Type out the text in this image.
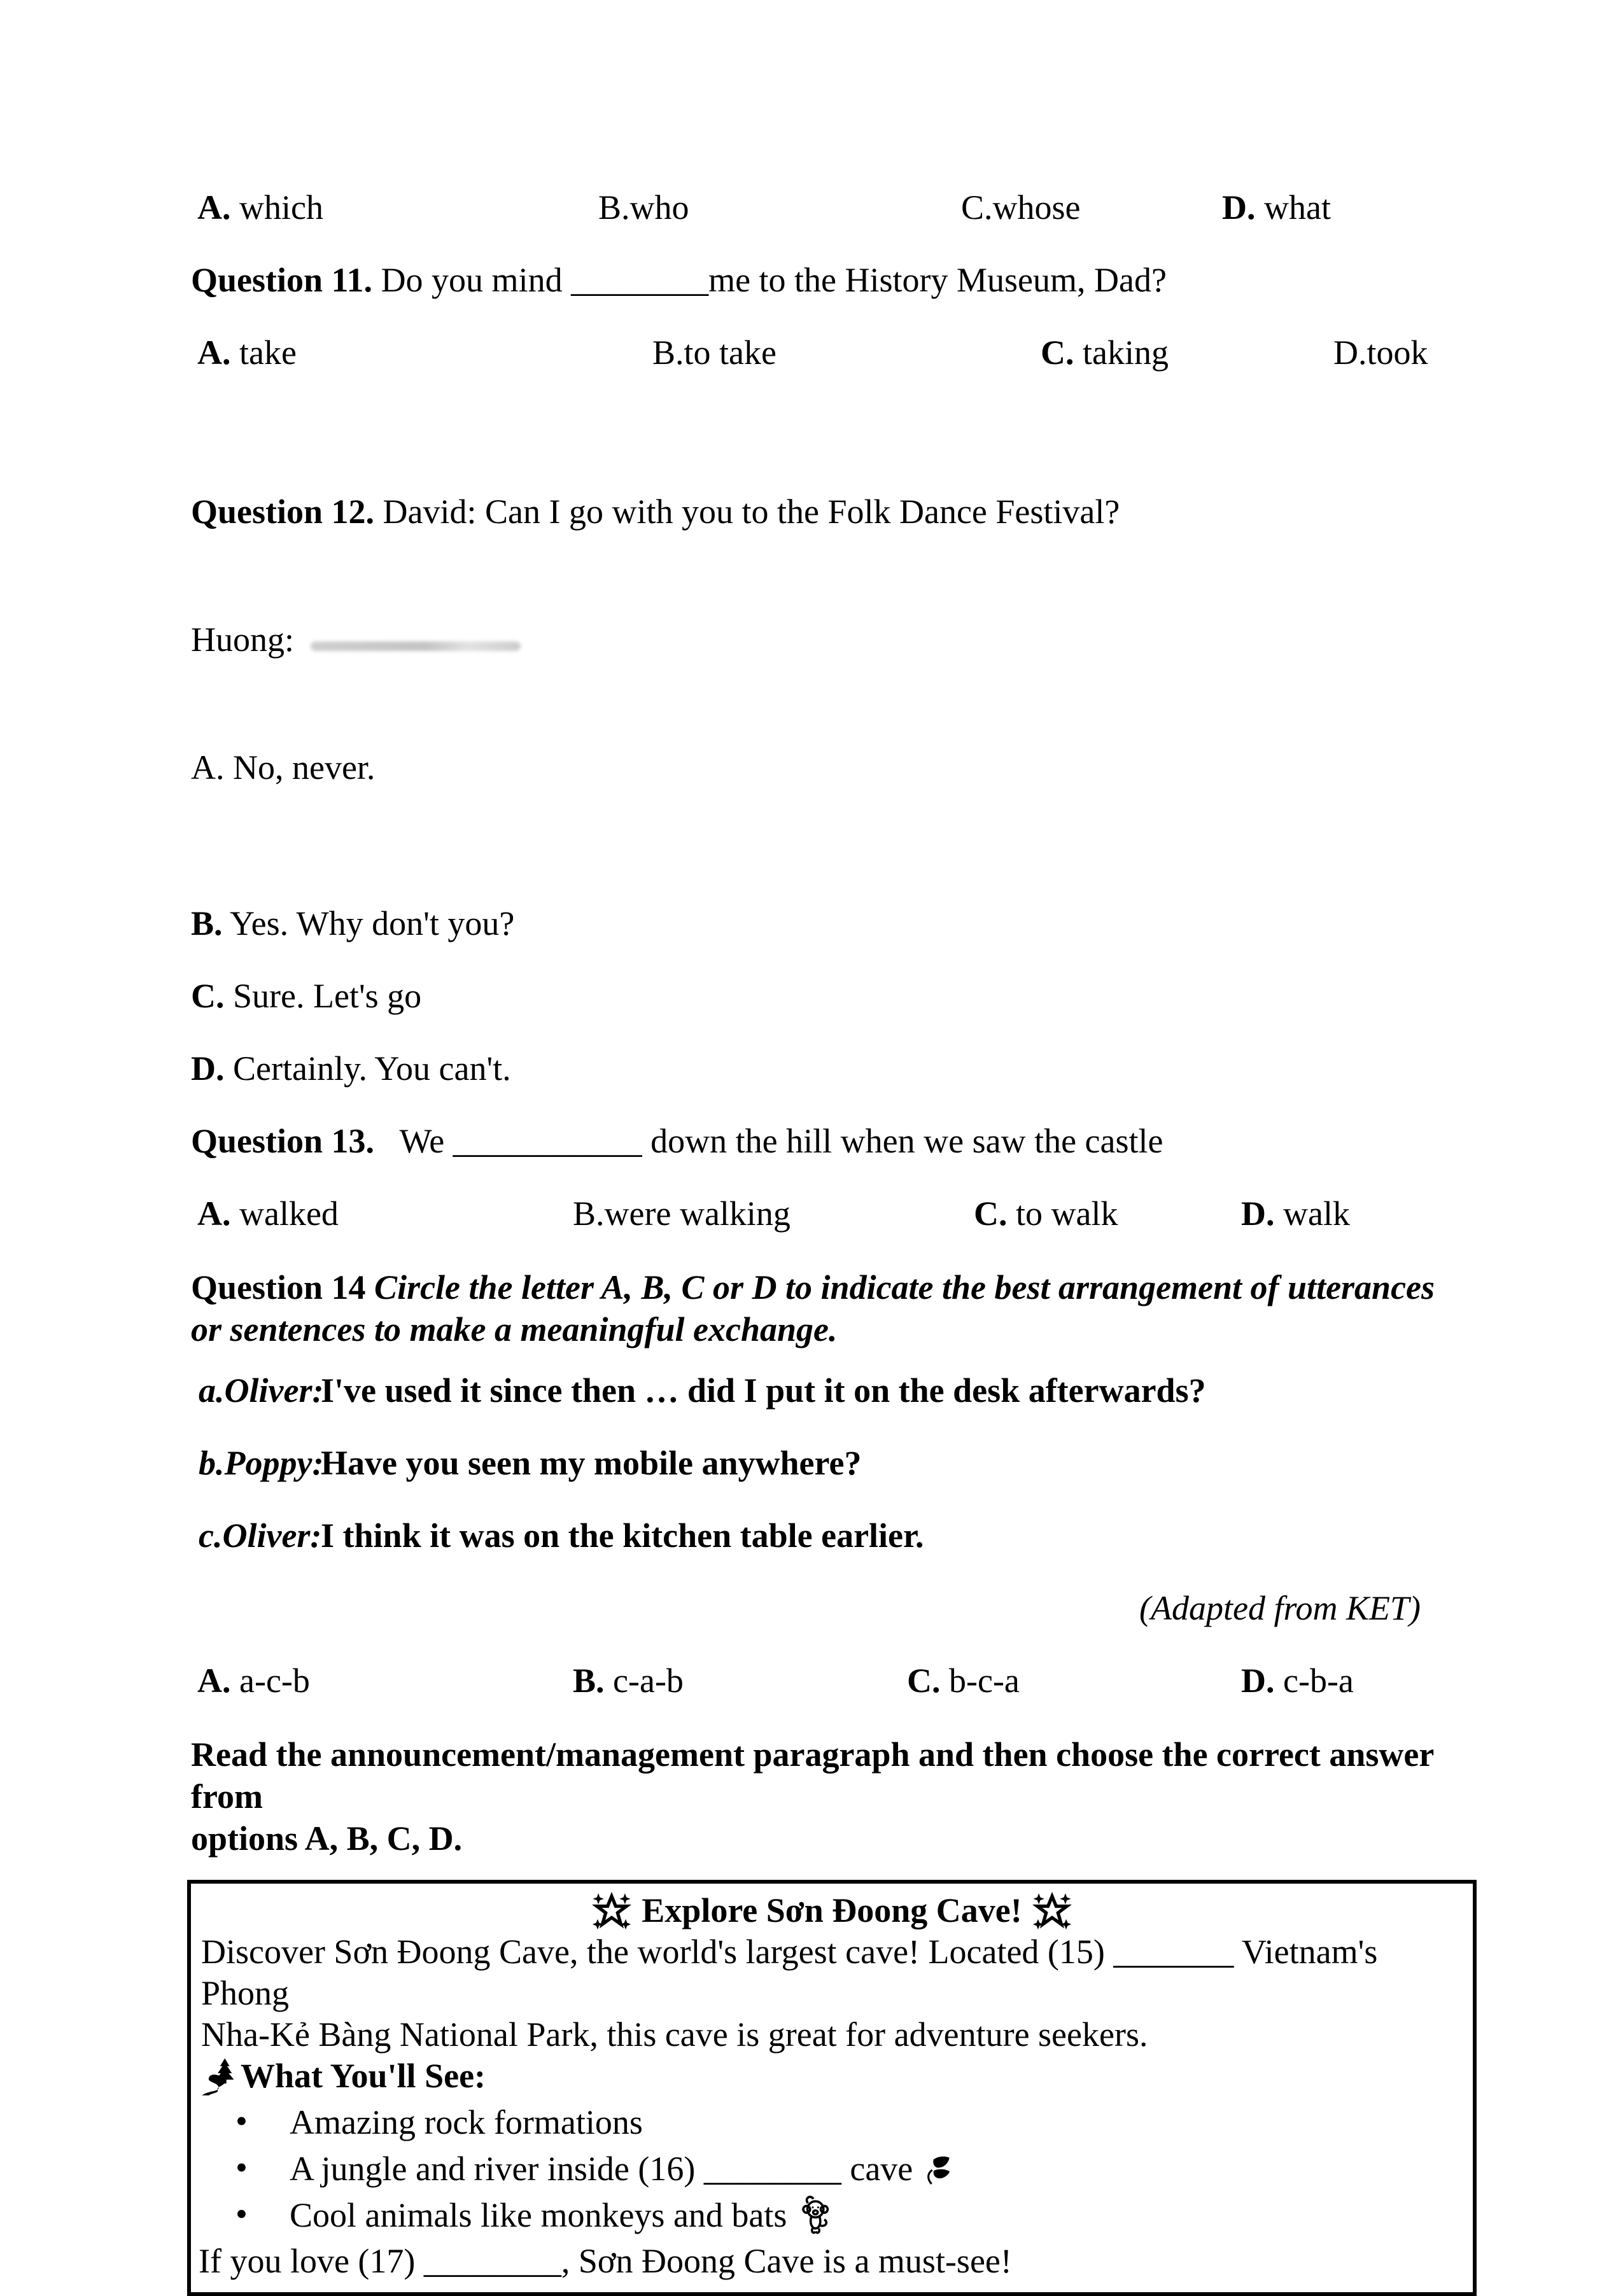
A. which	B.who	C.whose	D. what

Question 11. Do you mind ________me to the History Museum, Dad?

A. take	B.to take	C. taking	D.took

Question 12. David: Can I go with you to the Folk Dance Festival?

Huong:

A. No, never.

B. Yes. Why don't you?

C. Sure. Let's go

D. Certainly. You can't.

Question 13.   We ___________ down the hill when we saw the castle

A. walked	B.were walking	C. to walk	D. walk
Question 14 Circle the letter A, B, C or D to indicate the best arrangement of utterances
or sentences to make a meaningful exchange.

a.Oliver:I've used it since then … did I put it on the desk afterwards?

b.Poppy:Have you seen my mobile anywhere?

c.Oliver:I think it was on the kitchen table earlier.

(Adapted from KET)

A. a-c-b	B. c-a-b	C. b-c-a	D. c-b-a
Read the announcement/management paragraph and then choose the correct answer from
options A, B, C, D.
Explore Sơn Đoong Cave!
Discover Sơn Đoong Cave, the world's largest cave! Located (15) _______ Vietnam's Phong
Nha-Kẻ Bàng National Park, this cave is great for adventure seekers.
What You'll See:
• Amazing rock formations
• A jungle and river inside (16) ________ cave
• Cool animals like monkeys and bats
If you love (17) ________, Sơn Đoong Cave is a must-see!
